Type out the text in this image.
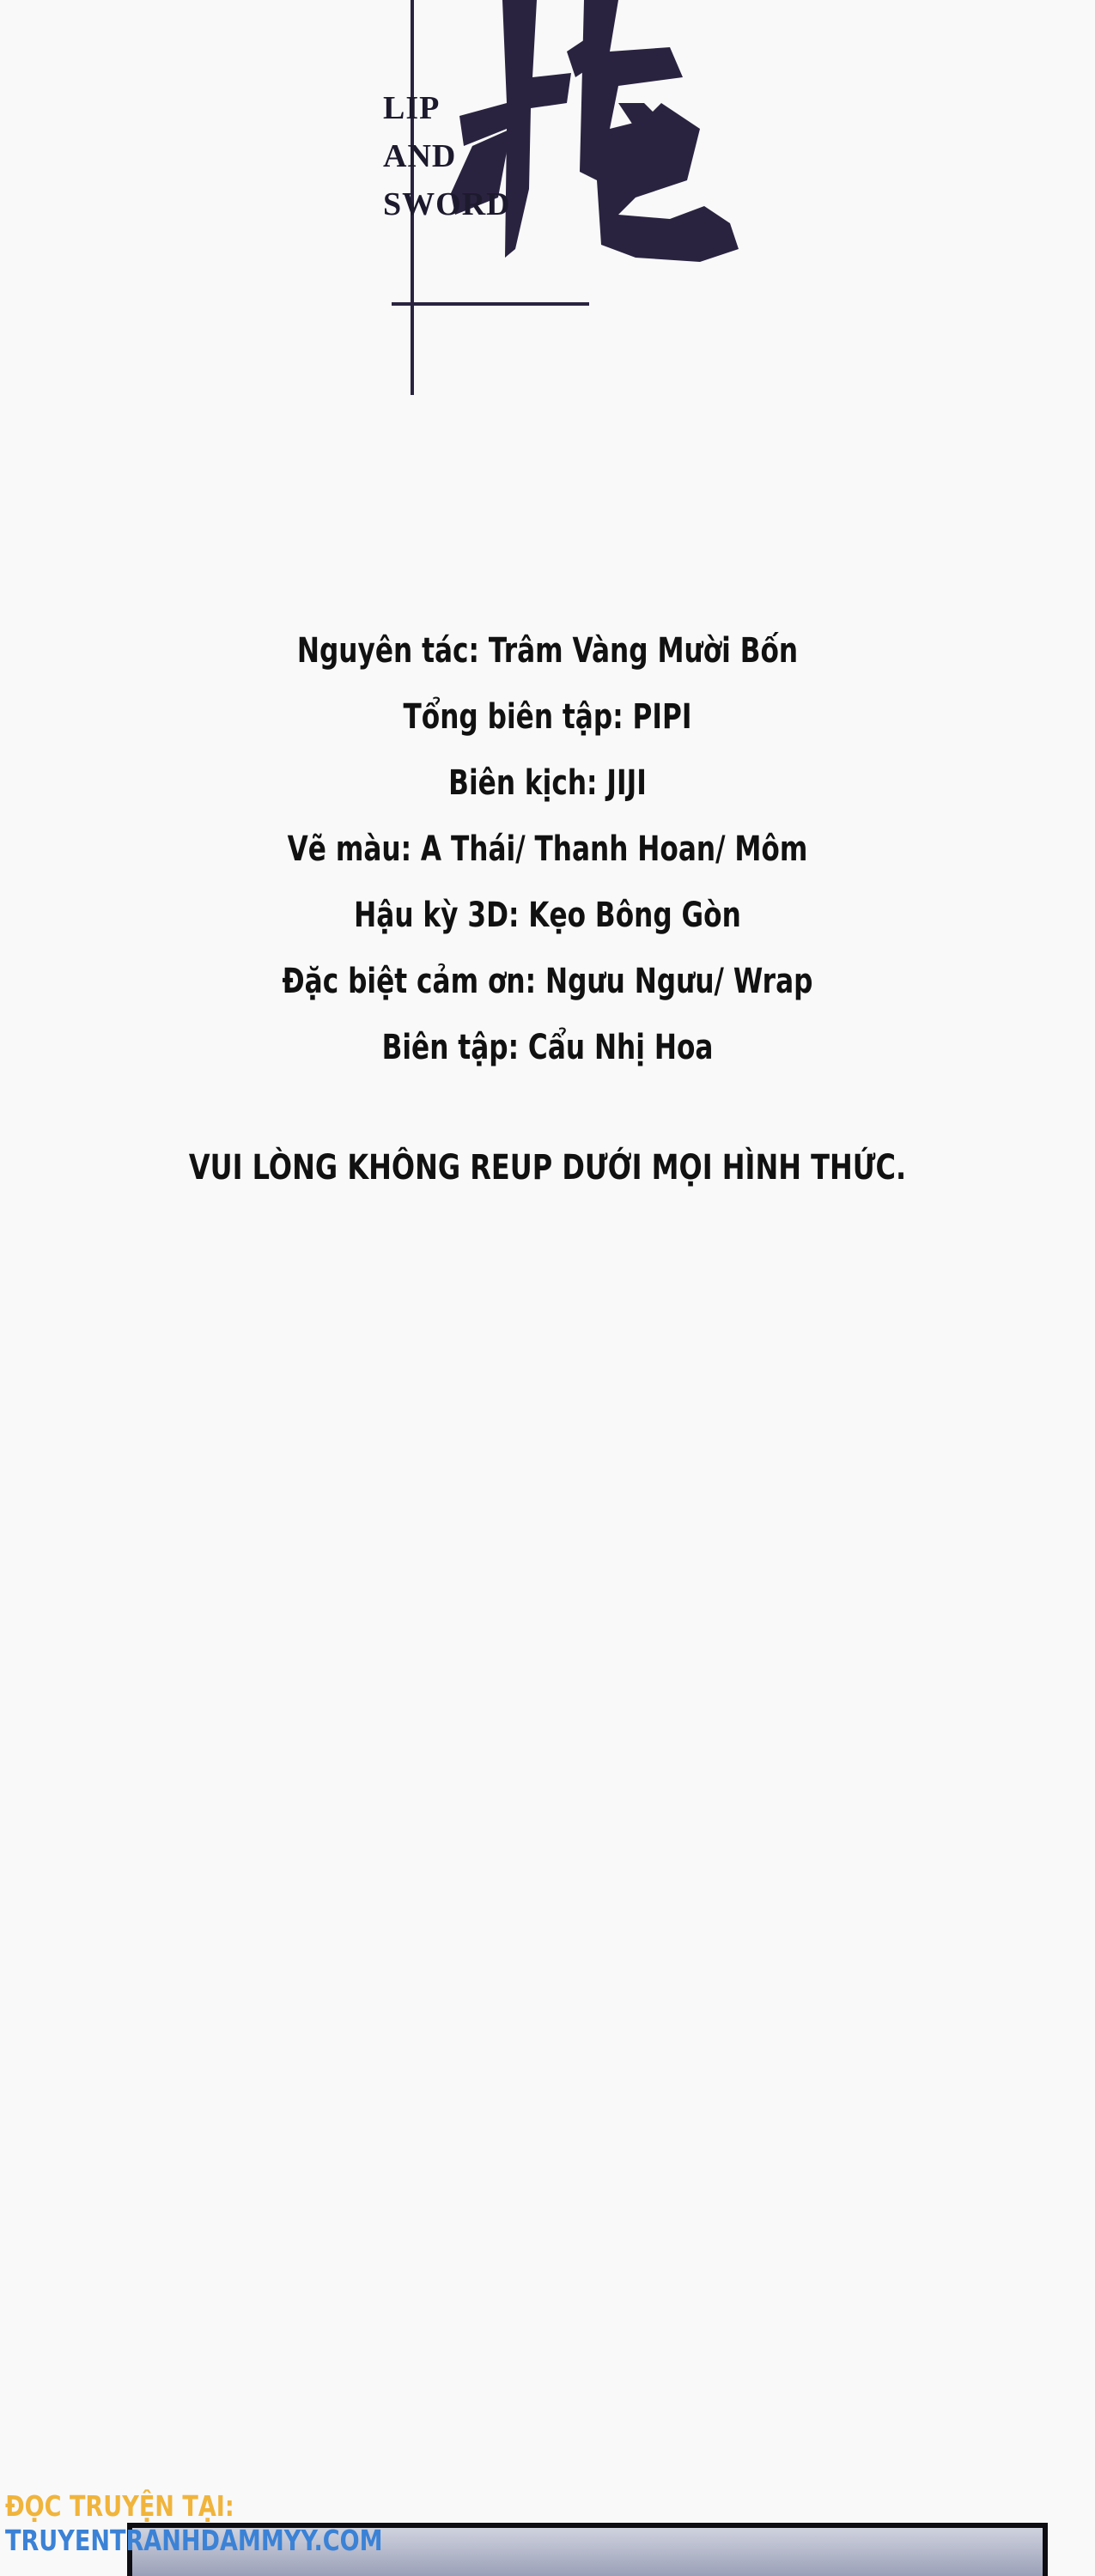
LIP
AND
SWORD
Nguyên tác: Trâm Vàng Mười Bốn
Tổng biên tập: PIPI
Biên kịch: JIJI
Vẽ màu: A Thái/ Thanh Hoan/ Môm
Hậu kỳ 3D: Kẹo Bông Gòn
Đặc biệt cảm ơn: Ngưu Ngưu/ Wrap
Biên tập: Cẩu Nhị Hoa
VUI LÒNG KHÔNG REUP DƯỚI MỌI HÌNH THỨC.
ĐỌC TRUYỆN TẠI:
TRUYENTRANHDAMMYY.COM
